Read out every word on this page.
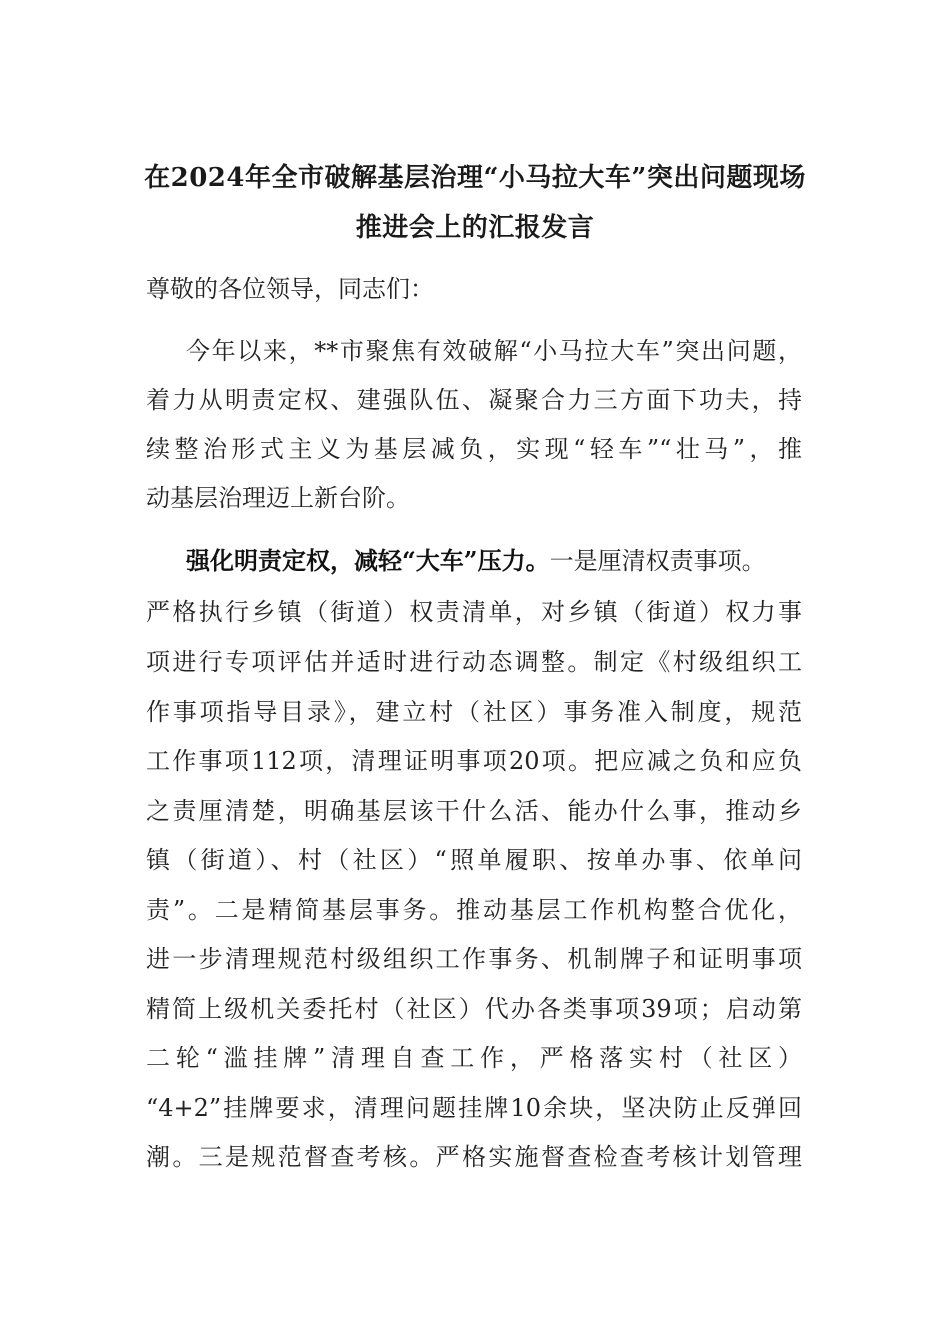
在2024年全市破解基层治理“小马拉大车”突出问题现场
推进会上的汇报发言
尊敬的各位领导，同志们：
今年以来，**市聚焦有效破解“小马拉大车”突出问题，
着力从明责定权、建强队伍、凝聚合力三方面下功夫，持
续整治形式主义为基层减负，实现“轻车”“壮马”，推
动基层治理迈上新台阶。
强化明责定权，减轻“大车”压力。一是厘清权责事项。
严格执行乡镇（街道）权责清单，对乡镇（街道）权力事
项进行专项评估并适时进行动态调整。制定《村级组织工
作事项指导目录》，建立村（社区）事务准入制度，规范
工作事项112项，清理证明事项20项。把应减之负和应负
之责厘清楚，明确基层该干什么活、能办什么事，推动乡
镇（街道）、村（社区）“照单履职、按单办事、依单问
责”。二是精简基层事务。推动基层工作机构整合优化，
进一步清理规范村级组织工作事务、机制牌子和证明事项
精简上级机关委托村（社区）代办各类事项39项；启动第
二轮“滥挂牌”清理自查工作，严格落实村（社区）
“4+2”挂牌要求，清理问题挂牌10余块，坚决防止反弹回
潮。三是规范督查考核。严格实施督查检查考核计划管理
